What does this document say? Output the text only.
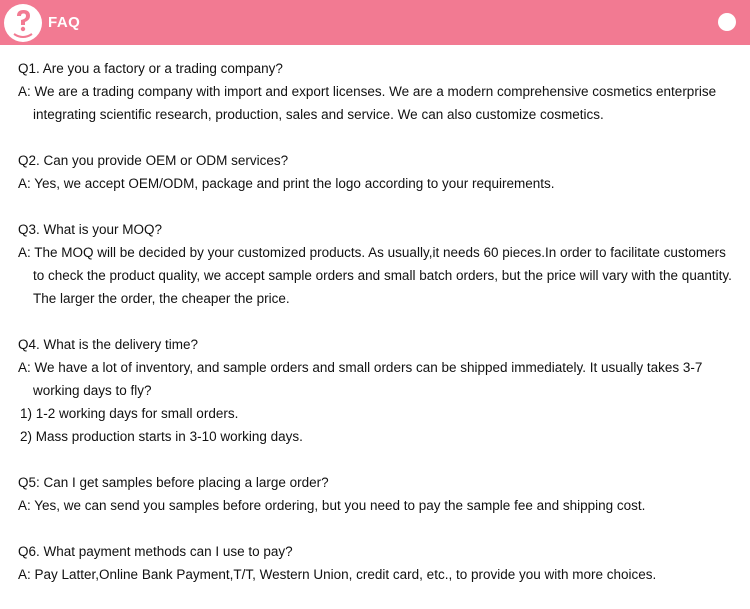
FAQ
Q1. Are you a factory or a trading company?
A: We are a trading company with import and export licenses. We are a modern comprehensive cosmetics enterprise integrating scientific research, production, sales and service. We can also customize cosmetics.
Q2. Can you provide OEM or ODM services?
A: Yes, we accept OEM/ODM, package and print the logo according to your requirements.
Q3. What is your MOQ?
A: The MOQ will be decided by your customized products. As usually,it needs 60 pieces.In order to facilitate customers to check the product quality, we accept sample orders and small batch orders, but the price will vary with the quantity. The larger the order, the cheaper the price.
Q4. What is the delivery time?
A: We have a lot of inventory, and sample orders and small orders can be shipped immediately. It usually takes 3-7 working days to fly?
1) 1-2 working days for small orders.
2) Mass production starts in 3-10 working days.
Q5: Can I get samples before placing a large order?
A: Yes, we can send you samples before ordering, but you need to pay the sample fee and shipping cost.
Q6. What payment methods can I use to pay?
A: Pay Latter,Online Bank Payment,T/T, Western Union, credit card, etc., to provide you with more choices.
